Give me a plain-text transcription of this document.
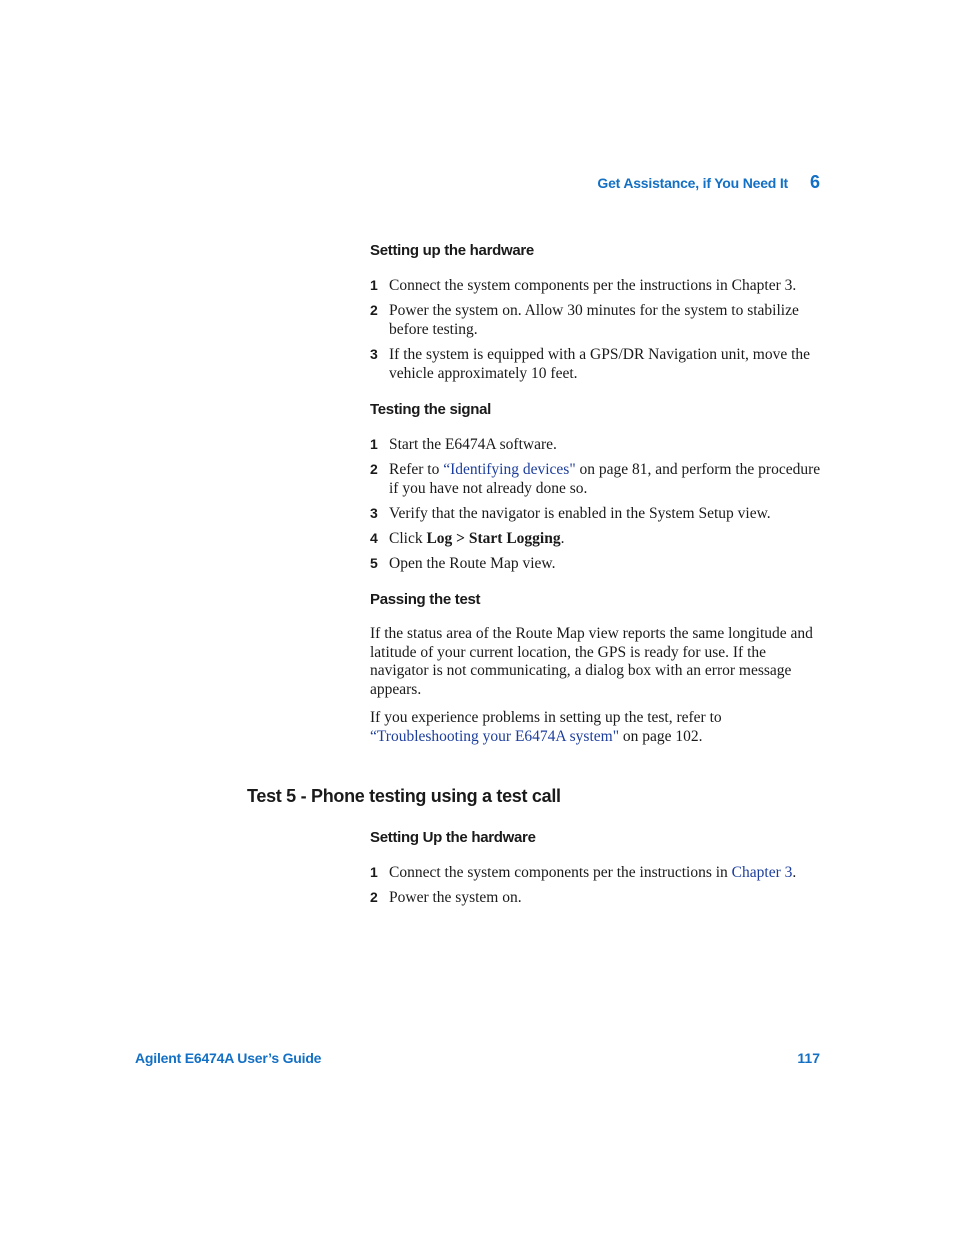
Get Assistance, if You Need It 6
Setting up the hardware
1 Connect the system components per the instructions in Chapter 3.
2 Power the system on. Allow 30 minutes for the system to stabilize before testing.
3 If the system is equipped with a GPS/DR Navigation unit, move the vehicle approximately 10 feet.
Testing the signal
1 Start the E6474A software.
2 Refer to “Identifying devices" on page 81, and perform the procedure if you have not already done so.
3 Verify that the navigator is enabled in the System Setup view.
4 Click Log > Start Logging.
5 Open the Route Map view.
Passing the test

If the status area of the Route Map view reports the same longitude and latitude of your current location, the GPS is ready for use. If the navigator is not communicating, a dialog box with an error message appears.

If you experience problems in setting up the test, refer to “Troubleshooting your E6474A system" on page 102.

Test 5 - Phone testing using a test call
Setting Up the hardware
1 Connect the system components per the instructions in Chapter 3.
2 Power the system on.
Agilent E6474A User’s Guide	117
